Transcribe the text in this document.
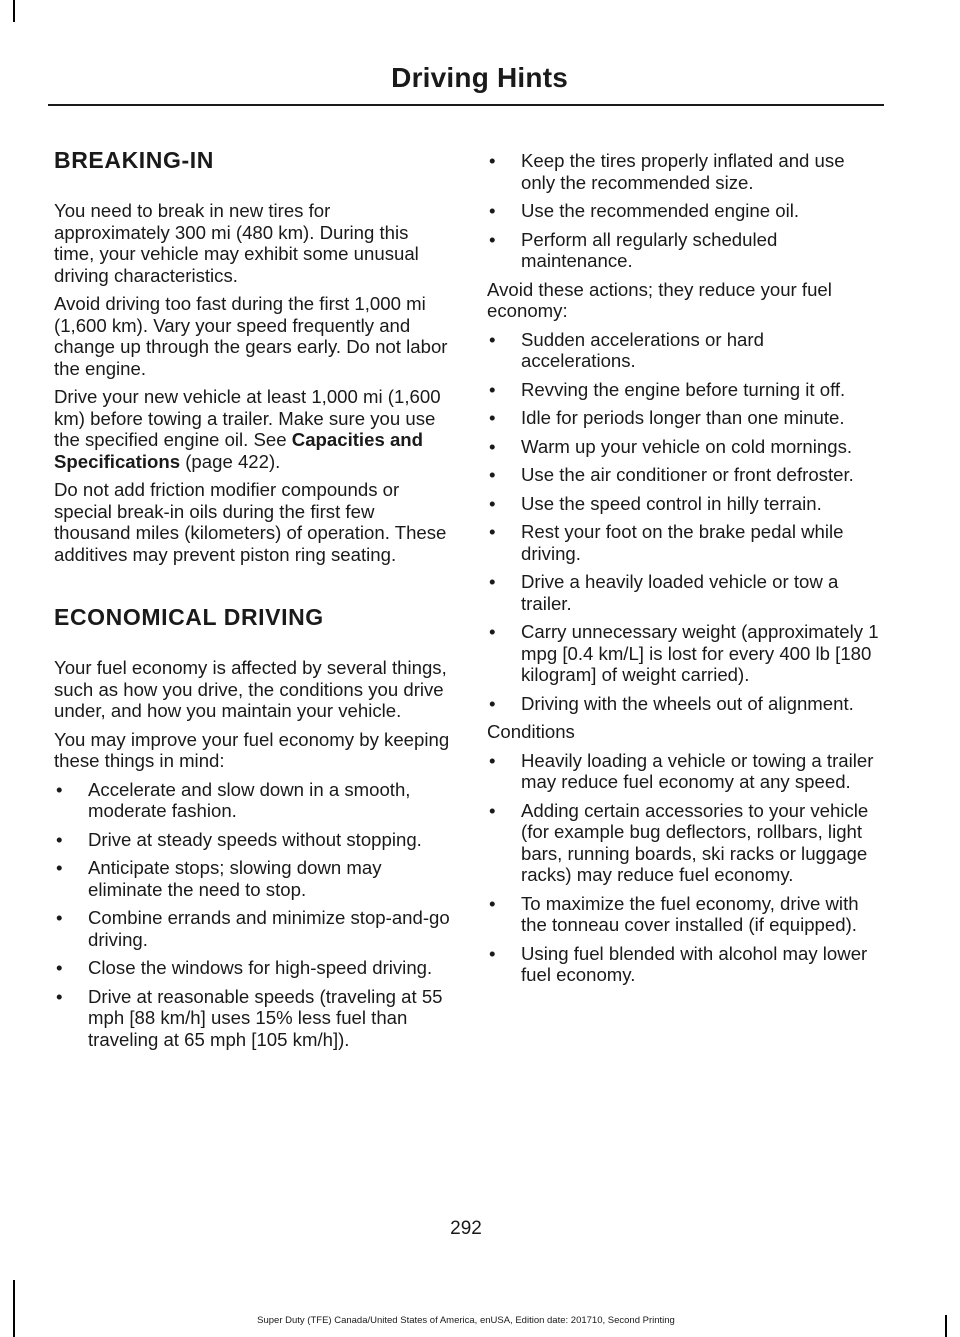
Driving Hints
BREAKING-IN

You need to break in new tires for approximately 300 mi (480 km). During this time, your vehicle may exhibit some unusual driving characteristics.

Avoid driving too fast during the first 1,000 mi (1,600 km). Vary your speed frequently and change up through the gears early. Do not labor the engine.

Drive your new vehicle at least 1,000 mi (1,600 km) before towing a trailer. Make sure you use the specified engine oil. See Capacities and Specifications (page 422).

Do not add friction modifier compounds or special break-in oils during the first few thousand miles (kilometers) of operation. These additives may prevent piston ring seating.

ECONOMICAL DRIVING

Your fuel economy is affected by several things, such as how you drive, the conditions you drive under, and how you maintain your vehicle.

You may improve your fuel economy by keeping these things in mind:

• Accelerate and slow down in a smooth, moderate fashion.
• Drive at steady speeds without stopping.
• Anticipate stops; slowing down may eliminate the need to stop.
• Combine errands and minimize stop-and-go driving.
• Close the windows for high-speed driving.
• Drive at reasonable speeds (traveling at 55 mph [88 km/h] uses 15% less fuel than traveling at 65 mph [105 km/h]).
• Keep the tires properly inflated and use only the recommended size.
• Use the recommended engine oil.
• Perform all regularly scheduled maintenance.

Avoid these actions; they reduce your fuel economy:

• Sudden accelerations or hard accelerations.
• Revving the engine before turning it off.
• Idle for periods longer than one minute.
• Warm up your vehicle on cold mornings.
• Use the air conditioner or front defroster.
• Use the speed control in hilly terrain.
• Rest your foot on the brake pedal while driving.
• Drive a heavily loaded vehicle or tow a trailer.
• Carry unnecessary weight (approximately 1 mpg [0.4 km/L] is lost for every 400 lb [180 kilogram] of weight carried).
• Driving with the wheels out of alignment.

Conditions

• Heavily loading a vehicle or towing a trailer may reduce fuel economy at any speed.
• Adding certain accessories to your vehicle (for example bug deflectors, rollbars, light bars, running boards, ski racks or luggage racks) may reduce fuel economy.
• To maximize the fuel economy, drive with the tonneau cover installed (if equipped).
• Using fuel blended with alcohol may lower fuel economy.
292
Super Duty (TFE) Canada/United States of America, enUSA, Edition date: 201710, Second Printing
